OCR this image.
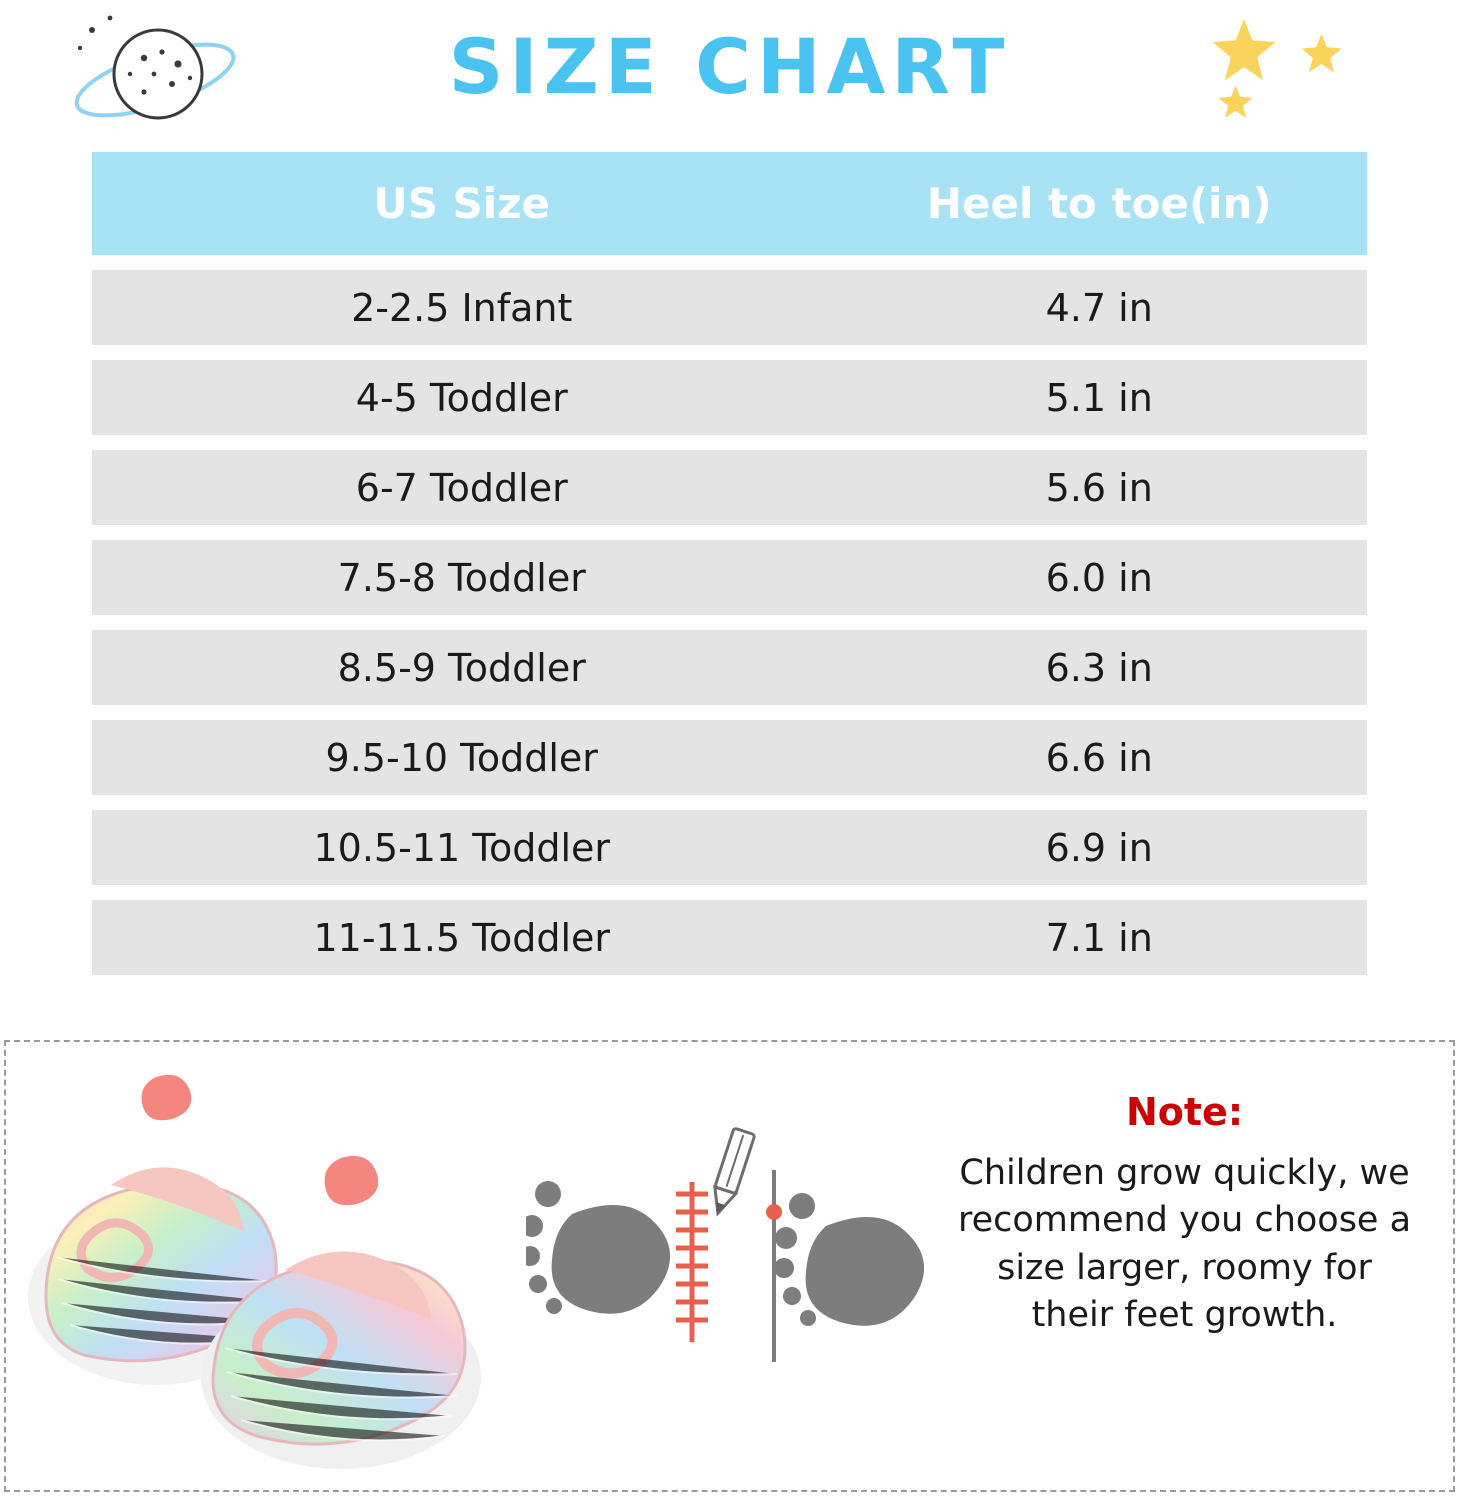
SIZE CHART
US Size	Heel to toe(in)
2-2.5 Infant	4.7 in
4-5 Toddler	5.1 in
6-7 Toddler	5.6 in
7.5-8 Toddler	6.0 in
8.5-9 Toddler	6.3 in
9.5-10 Toddler	6.6 in
10.5-11 Toddler	6.9 in
11-11.5 Toddler	7.1 in
Note:
Children grow quickly, we recommend you choose a size larger, roomy for their feet growth.
